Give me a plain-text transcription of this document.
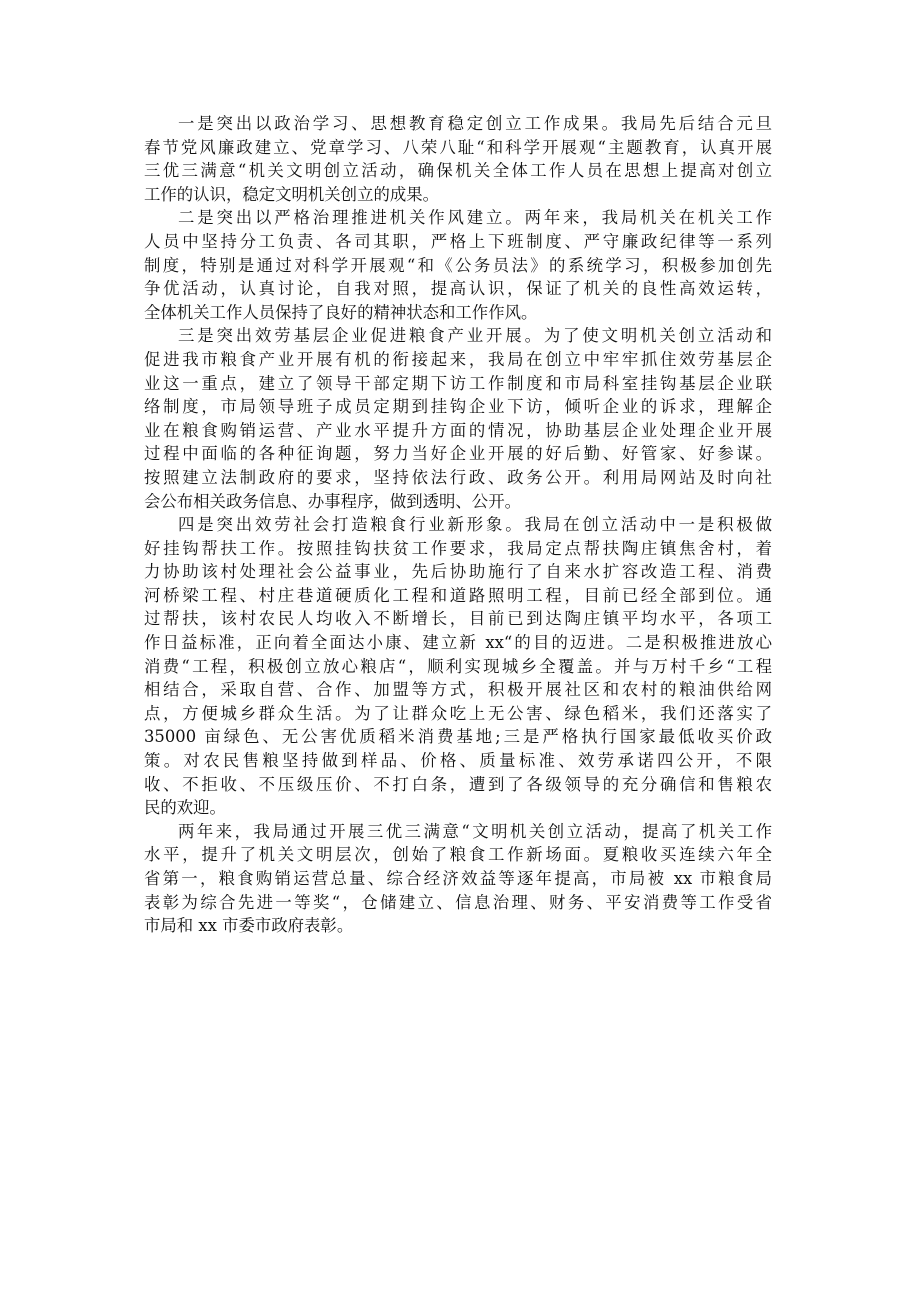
一是突出以政治学习、思想教育稳定创立工作成果。我局先后结合元旦
春节党风廉政建立、党章学习、八荣八耻“和科学开展观“主题教育，认真开展
三优三满意“机关文明创立活动，确保机关全体工作人员在思想上提高对创立
工作的认识，稳定文明机关创立的成果。
二是突出以严格治理推进机关作风建立。两年来，我局机关在机关工作
人员中坚持分工负责、各司其职，严格上下班制度、严守廉政纪律等一系列
制度，特别是通过对科学开展观“和《公务员法》的系统学习，积极参加创先
争优活动，认真讨论，自我对照，提高认识，保证了机关的良性高效运转，
全体机关工作人员保持了良好的精神状态和工作作风。
三是突出效劳基层企业促进粮食产业开展。为了使文明机关创立活动和
促进我市粮食产业开展有机的衔接起来，我局在创立中牢牢抓住效劳基层企
业这一重点，建立了领导干部定期下访工作制度和市局科室挂钩基层企业联
络制度，市局领导班子成员定期到挂钩企业下访，倾听企业的诉求，理解企
业在粮食购销运营、产业水平提升方面的情况，协助基层企业处理企业开展
过程中面临的各种征询题，努力当好企业开展的好后勤、好管家、好参谋。
按照建立法制政府的要求，坚持依法行政、政务公开。利用局网站及时向社
会公布相关政务信息、办事程序，做到透明、公开。
四是突出效劳社会打造粮食行业新形象。我局在创立活动中一是积极做
好挂钩帮扶工作。按照挂钩扶贫工作要求，我局定点帮扶陶庄镇焦舍村，着
力协助该村处理社会公益事业，先后协助施行了自来水扩容改造工程、消费
河桥梁工程、村庄巷道硬质化工程和道路照明工程，目前已经全部到位。通
过帮扶，该村农民人均收入不断增长，目前已到达陶庄镇平均水平，各项工
作日益标准，正向着全面达小康、建立新 xx“的目的迈进。二是积极推进放心
消费“工程，积极创立放心粮店“，顺利实现城乡全覆盖。并与万村千乡“工程
相结合，采取自营、合作、加盟等方式，积极开展社区和农村的粮油供给网
点，方便城乡群众生活。为了让群众吃上无公害、绿色稻米，我们还落实了
35000 亩绿色、无公害优质稻米消费基地;三是严格执行国家最低收买价政
策。对农民售粮坚持做到样品、价格、质量标准、效劳承诺四公开，不限
收、不拒收、不压级压价、不打白条，遭到了各级领导的充分确信和售粮农
民的欢迎。
两年来，我局通过开展三优三满意“文明机关创立活动，提高了机关工作
水平，提升了机关文明层次，创始了粮食工作新场面。夏粮收买连续六年全
省第一，粮食购销运营总量、综合经济效益等逐年提高，市局被 xx 市粮食局
表彰为综合先进一等奖“，仓储建立、信息治理、财务、平安消费等工作受省
市局和 xx 市委市政府表彰。
